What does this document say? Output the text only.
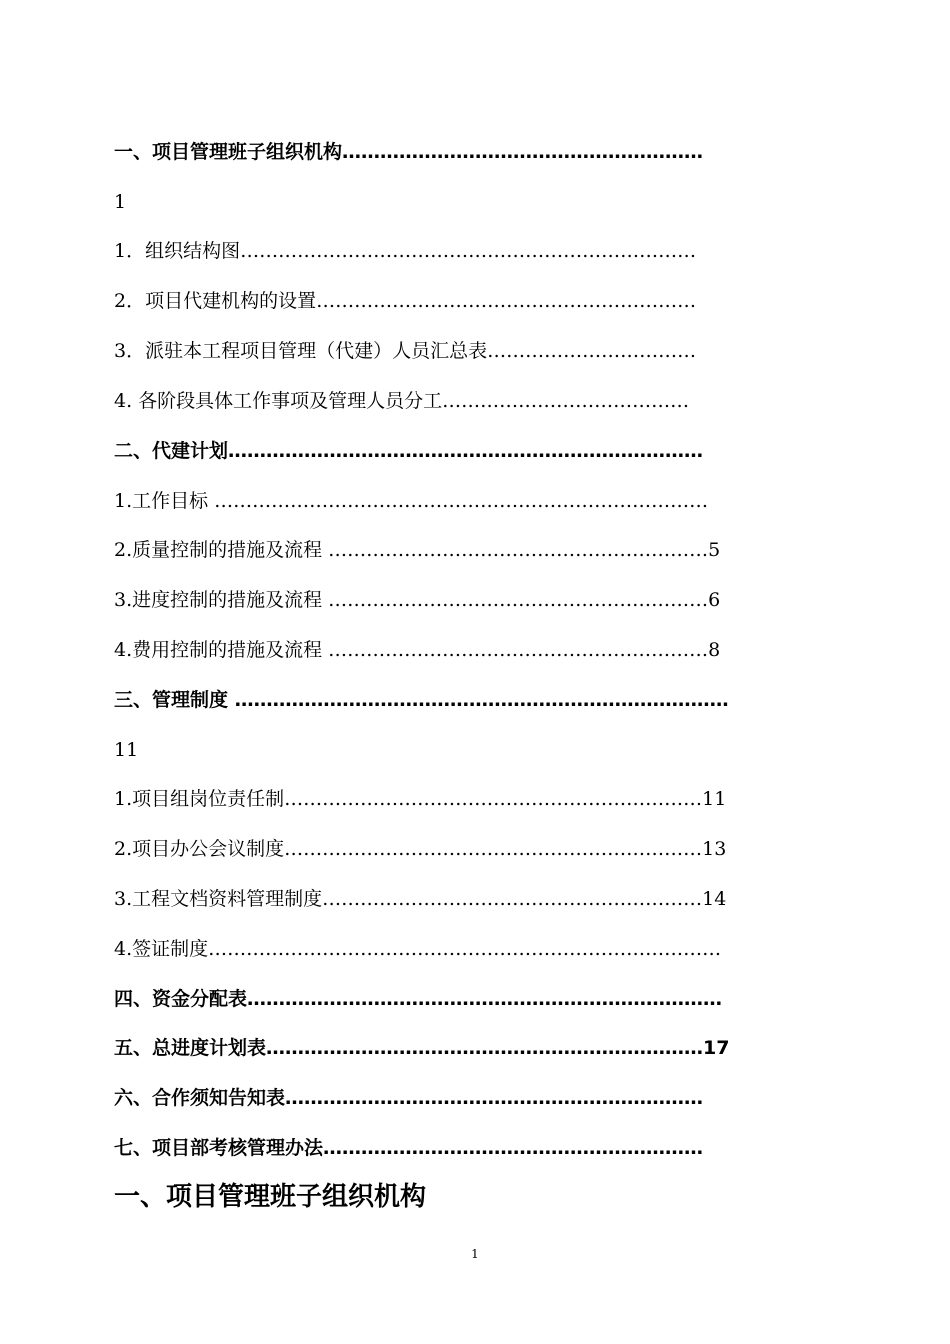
一、项目管理班子组织机构…………………………………………………
1
1．组织结构图………………………………………………………………
2．项目代建机构的设置……………………………………………………
3．派驻本工程项目管理（代建）人员汇总表……………………………
4. 各阶段具体工作事项及管理人员分工…………………………………
二、代建计划…………………………………………………………………
1.工作目标 ……………………………………………………………………
2.质量控制的措施及流程 ……………………………………………………5
3.进度控制的措施及流程 ……………………………………………………6
4.费用控制的措施及流程 ……………………………………………………8
三、管理制度 ……………………………………………………………………
11
1.项目组岗位责任制…………………………………………………………11
2.项目办公会议制度…………………………………………………………13
3.工程文档资料管理制度……………………………………………………14
4.签证制度………………………………………………………………………
四、资金分配表…………………………………………………………………
五、总进度计划表……………………………………………………………17
六、合作须知告知表…………………………………………………………
七、项目部考核管理办法……………………………………………………
一、项目管理班子组织机构
1
